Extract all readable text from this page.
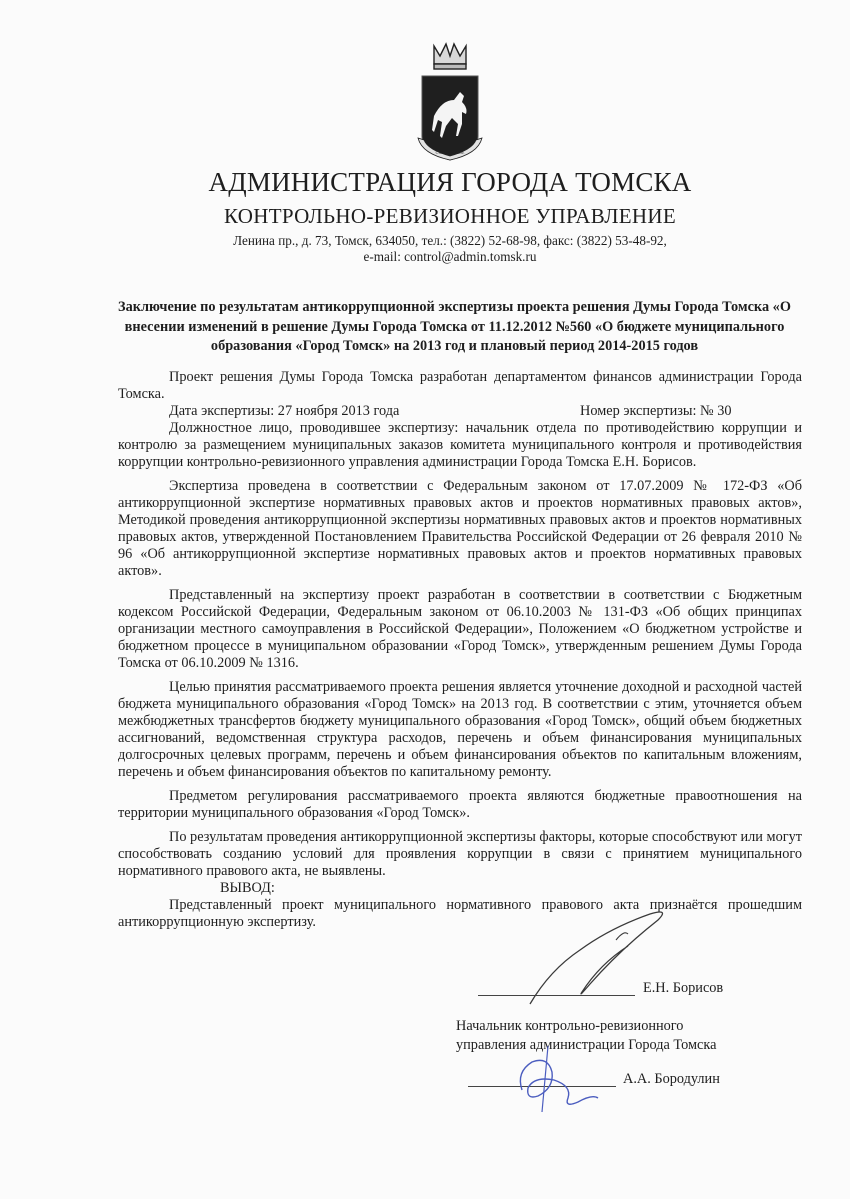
СТЕЗЯ — НОВОЕ
АДМИНИСТРАЦИЯ ГОРОДА ТОМСКА
КОНТРОЛЬНО-РЕВИЗИОННОЕ УПРАВЛЕНИЕ
Ленина пр., д. 73, Томск, 634050, тел.: (3822) 52-68-98, факс: (3822) 53-48-92,
e-mail: control@admin.tomsk.ru
Заключение по результатам антикоррупционной экспертизы проекта решения Думы Города Томска «О внесении изменений в решение Думы Города Томска от 11.12.2012 №560 «О бюджете муниципального образования «Город Томск» на 2013 год и плановый период 2014-2015 годов

Проект решения Думы Города Томска разработан департаментом финансов администрации Города Томска.

Дата экспертизы: 27 ноября 2013 года	Номер экспертизы: № 30

Должностное лицо, проводившее экспертизу: начальник отдела по противодействию коррупции и контролю за размещением муниципальных заказов комитета муниципального контроля и противодействия коррупции контрольно-ревизионного управления администрации Города Томска Е.Н. Борисов.

Экспертиза проведена в соответствии с Федеральным законом от 17.07.2009 № 172-ФЗ «Об антикоррупционной экспертизе нормативных правовых актов и проектов нормативных правовых актов», Методикой проведения антикоррупционной экспертизы нормативных правовых актов и проектов нормативных правовых актов, утвержденной Постановлением Правительства Российской Федерации от 26 февраля 2010 № 96 «Об антикоррупционной экспертизе нормативных правовых актов и проектов нормативных правовых актов».

Представленный на экспертизу проект разработан в соответствии в соответствии с Бюджетным кодексом Российской Федерации, Федеральным законом от 06.10.2003 № 131-ФЗ «Об общих принципах организации местного самоуправления в Российской Федерации», Положением «О бюджетном устройстве и бюджетном процессе в муниципальном образовании «Город Томск», утвержденным решением Думы Города Томска от 06.10.2009 № 1316.

Целью принятия рассматриваемого проекта решения является уточнение доходной и расходной частей бюджета муниципального образования «Город Томск» на 2013 год. В соответствии с этим, уточняется объем межбюджетных трансфертов бюджету муниципального образования «Город Томск», общий объем бюджетных ассигнований, ведомственная структура расходов, перечень и объем финансирования муниципальных долгосрочных целевых программ, перечень и объем финансирования объектов по капитальным вложениям, перечень и объем финансирования объектов по капитальному ремонту.

Предметом регулирования рассматриваемого проекта являются бюджетные правоотношения на территории муниципального образования «Город Томск».

По результатам проведения антикоррупционной экспертизы факторы, которые способствуют или могут способствовать созданию условий для проявления коррупции в связи с принятием муниципального нормативного правового акта, не выявлены.

ВЫВОД:

Представленный проект муниципального нормативного правового акта признаётся прошедшим антикоррупционную экспертизу.

Е.Н. Борисов
Начальник контрольно-ревизионного
управления администрации Города Томска
А.А. Бородулин
